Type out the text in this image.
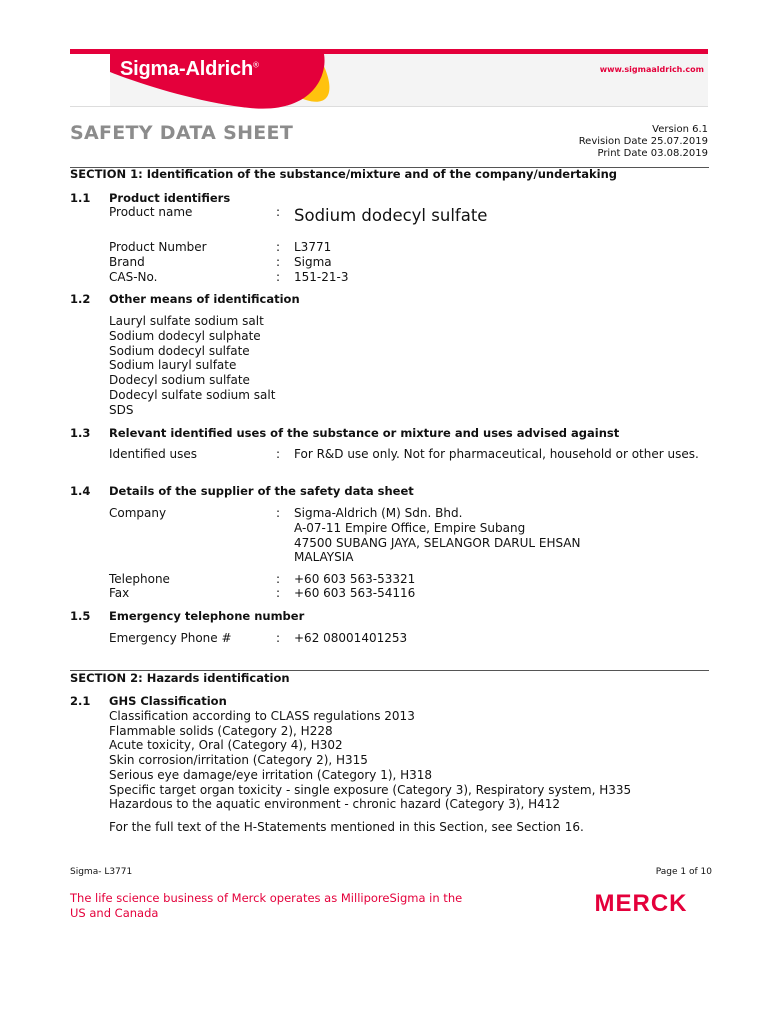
Sigma-Aldrich®
www.sigmaaldrich.com
SAFETY DATA SHEET	Version 6.1
Revision Date 25.07.2019
Print Date 03.08.2019
SECTION 1: Identification of the substance/mixture and of the company/undertaking
1.1 Product identifiers
Product name	: Sodium dodecyl sulfate
Product Number	: L3771
Brand	: Sigma
CAS-No.	: 151-21-3
1.2 Other means of identification
Lauryl sulfate sodium salt
Sodium dodecyl sulphate
Sodium dodecyl sulfate
Sodium lauryl sulfate
Dodecyl sodium sulfate
Dodecyl sulfate sodium salt
SDS
1.3 Relevant identified uses of the substance or mixture and uses advised against
Identified uses	: For R&D use only. Not for pharmaceutical, household or other uses.
1.4 Details of the supplier of the safety data sheet
Company	: Sigma-Aldrich (M) Sdn. Bhd.
A-07-11 Empire Office, Empire Subang
47500 SUBANG JAYA, SELANGOR DARUL EHSAN
MALAYSIA
Telephone	: +60 603 563-53321
Fax	: +60 603 563-54116
1.5 Emergency telephone number
Emergency Phone #	: +62 08001401253
SECTION 2: Hazards identification
2.1 GHS Classification
Classification according to CLASS regulations 2013
Flammable solids (Category 2), H228
Acute toxicity, Oral (Category 4), H302
Skin corrosion/irritation (Category 2), H315
Serious eye damage/eye irritation (Category 1), H318
Specific target organ toxicity - single exposure (Category 3), Respiratory system, H335
Hazardous to the aquatic environment - chronic hazard (Category 3), H412
For the full text of the H-Statements mentioned in this Section, see Section 16.
Sigma- L3771	Page 1 of 10
The life science business of Merck operates as MilliporeSigma in the US and Canada	MERCK
